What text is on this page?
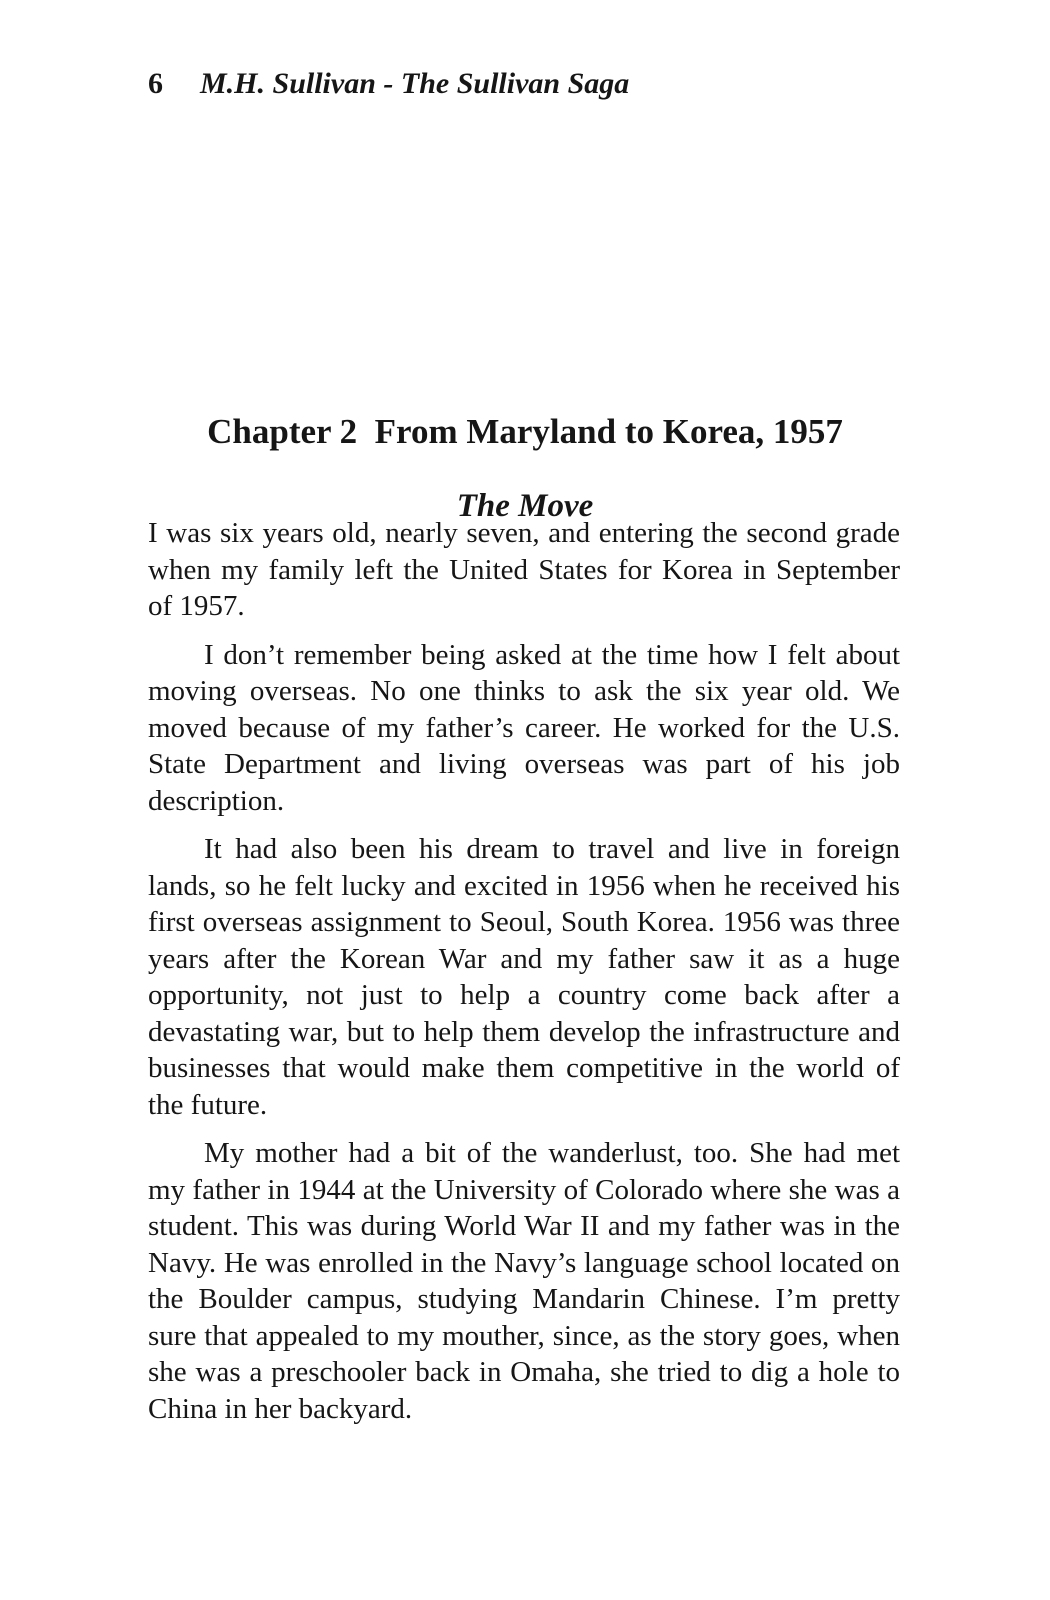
6 M.H. Sullivan - The Sullivan Saga
Chapter 2  From Maryland to Korea, 1957
The Move

I was six years old, nearly seven, and entering the second grade when my family left the United States for Korea in September of 1957.

I don’t remember being asked at the time how I felt about moving overseas. No one thinks to ask the six year old. We moved because of my father’s career. He worked for the U.S. State Department and living overseas was part of his job description.

It had also been his dream to travel and live in foreign lands, so he felt lucky and excited in 1956 when he received his first overseas assignment to Seoul, South Korea. 1956 was three years after the Korean War and my father saw it as a huge opportunity, not just to help a country come back after a devastating war, but to help them develop the infrastructure and businesses that would make them competitive in the world of the future.

My mother had a bit of the wanderlust, too. She had met my father in 1944 at the University of Colorado where she was a student. This was during World War II and my father was in the Navy. He was enrolled in the Navy’s language school located on the Boulder campus, studying Mandarin Chinese. I’m pretty sure that appealed to my mouther, since, as the story goes, when she was a preschooler back in Omaha, she tried to dig a hole to China in her backyard.
